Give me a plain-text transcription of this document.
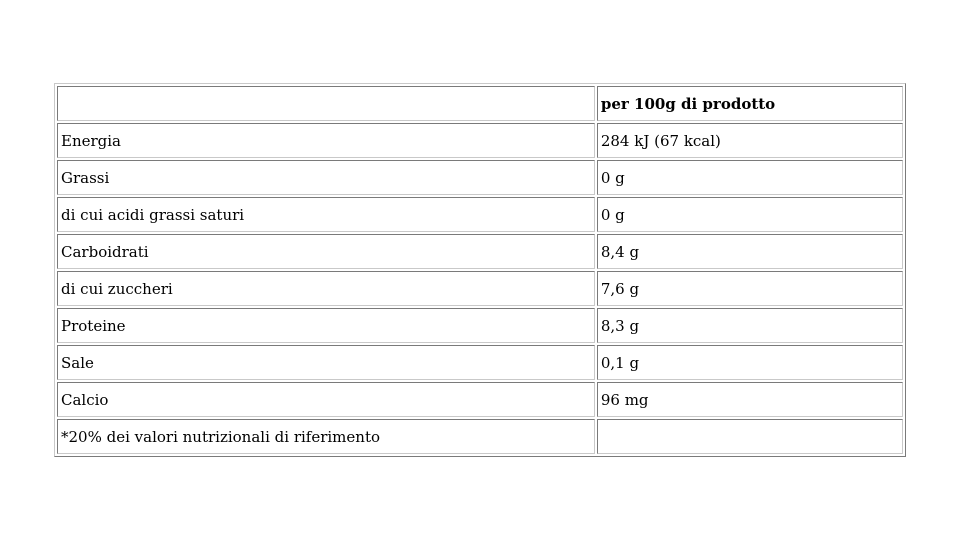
	per 100g di prodotto
Energia	284 kJ (67 kcal)
Grassi	0 g
di cui acidi grassi saturi	0 g
Carboidrati	8,4 g
di cui zuccheri	7,6 g
Proteine	8,3 g
Sale	0,1 g
Calcio	96 mg
*20% dei valori nutrizionali di riferimento	
